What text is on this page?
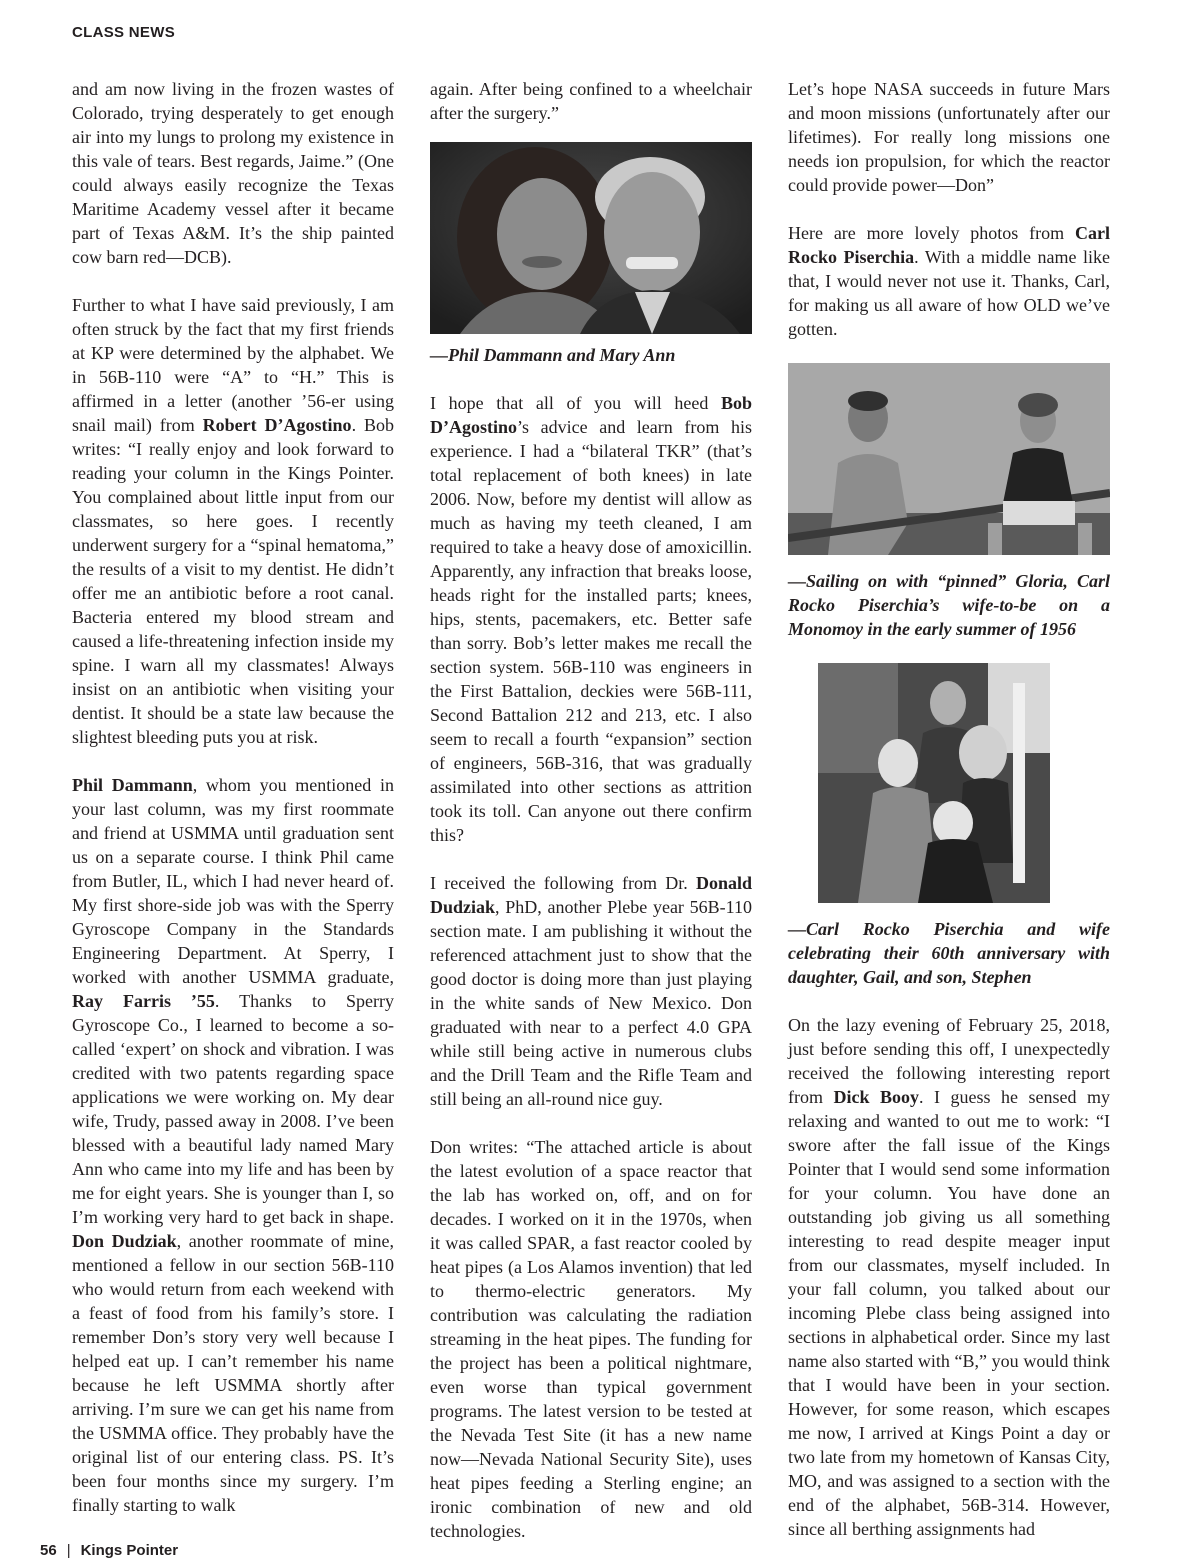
CLASS NEWS

and am now living in the frozen wastes of Colorado, trying desperately to get enough air into my lungs to prolong my existence in this vale of tears. Best regards, Jaime.” (One could always easily recognize the Texas Maritime Academy vessel after it became part of Texas A&M. It’s the ship painted cow barn red—DCB).

Further to what I have said previously, I am often struck by the fact that my first friends at KP were determined by the alphabet. We in 56B-110 were “A” to “H.” This is affirmed in a letter (another ’56-er using snail mail) from Robert D’Agostino. Bob writes: “I really enjoy and look forward to reading your column in the Kings Pointer. You complained about little input from our classmates, so here goes. I recently underwent surgery for a “spinal hematoma,” the results of a visit to my dentist. He didn’t offer me an antibiotic before a root canal. Bacteria entered my blood stream and caused a life-threatening infection inside my spine. I warn all my classmates! Always insist on an antibiotic when visiting your dentist. It should be a state law because the slightest bleeding puts you at risk.

Phil Dammann, whom you mentioned in your last column, was my first roommate and friend at USMMA until graduation sent us on a separate course. I think Phil came from Butler, IL, which I had never heard of. My first shore-side job was with the Sperry Gyroscope Company in the Standards Engineering Department. At Sperry, I worked with another USMMA graduate, Ray Farris ’55. Thanks to Sperry Gyroscope Co., I learned to become a so-called ‘expert’ on shock and vibration. I was credited with two patents regarding space applications we were working on. My dear wife, Trudy, passed away in 2008. I’ve been blessed with a beautiful lady named Mary Ann who came into my life and has been by me for eight years. She is younger than I, so I’m working very hard to get back in shape. Don Dudziak, another roommate of mine, mentioned a fellow in our section 56B-110 who would return from each weekend with a feast of food from his family’s store. I remember Don’s story very well because I helped eat up. I can’t remember his name because he left USMMA shortly after arriving. I’m sure we can get his name from the USMMA office. They probably have the original list of our entering class. PS. It’s been four months since my surgery. I’m finally starting to walk

again. After being confined to a wheelchair after the surgery.”

—Phil Dammann and Mary Ann

I hope that all of you will heed Bob D’Agostino’s advice and learn from his experience. I had a “bilateral TKR” (that’s total replacement of both knees) in late 2006. Now, before my dentist will allow as much as having my teeth cleaned, I am required to take a heavy dose of amoxicillin. Apparently, any infraction that breaks loose, heads right for the installed parts; knees, hips, stents, pacemakers, etc. Better safe than sorry. Bob’s letter makes me recall the section system. 56B-110 was engineers in the First Battalion, deckies were 56B-111, Second Battalion 212 and 213, etc. I also seem to recall a fourth “expansion” section of engineers, 56B-316, that was gradually assimilated into other sections as attrition took its toll. Can anyone out there confirm this?

I received the following from Dr. Donald Dudziak, PhD, another Plebe year 56B-110 section mate. I am publishing it without the referenced attachment just to show that the good doctor is doing more than just playing in the white sands of New Mexico. Don graduated with near to a perfect 4.0 GPA while still being active in numerous clubs and the Drill Team and the Rifle Team and still being an all-round nice guy.

Don writes: “The attached article is about the latest evolution of a space reactor that the lab has worked on, off, and on for decades. I worked on it in the 1970s, when it was called SPAR, a fast reactor cooled by heat pipes (a Los Alamos invention) that led to thermo-electric generators. My contribution was calculating the radiation streaming in the heat pipes. The funding for the project has been a political nightmare, even worse than typical government programs. The latest version to be tested at the Nevada Test Site (it has a new name now—Nevada National Security Site), uses heat pipes feeding a Sterling engine; an ironic combination of new and old technologies.

Let’s hope NASA succeeds in future Mars and moon missions (unfortunately after our lifetimes). For really long missions one needs ion propulsion, for which the reactor could provide power—Don”

Here are more lovely photos from Carl Rocko Piserchia. With a middle name like that, I would never not use it. Thanks, Carl, for making us all aware of how OLD we’ve gotten.

—Sailing on with “pinned” Gloria, Carl Rocko Piserchia’s wife-to-be on a Monomoy in the early summer of 1956

—Carl Rocko Piserchia and wife celebrating their 60th anniversary with daughter, Gail, and son, Stephen

On the lazy evening of February 25, 2018, just before sending this off, I unexpectedly received the following interesting report from Dick Booy. I guess he sensed my relaxing and wanted to out me to work: “I swore after the fall issue of the Kings Pointer that I would send some information for your column. You have done an outstanding job giving us all something interesting to read despite meager input from our classmates, myself included. In your fall column, you talked about our incoming Plebe class being assigned into sections in alphabetical order. Since my last name also started with “B,” you would think that I would have been in your section. However, for some reason, which escapes me now, I arrived at Kings Point a day or two late from my hometown of Kansas City, MO, and was assigned to a section with the end of the alphabet, 56B-314. However, since all berthing assignments had

56 | Kings Pointer
